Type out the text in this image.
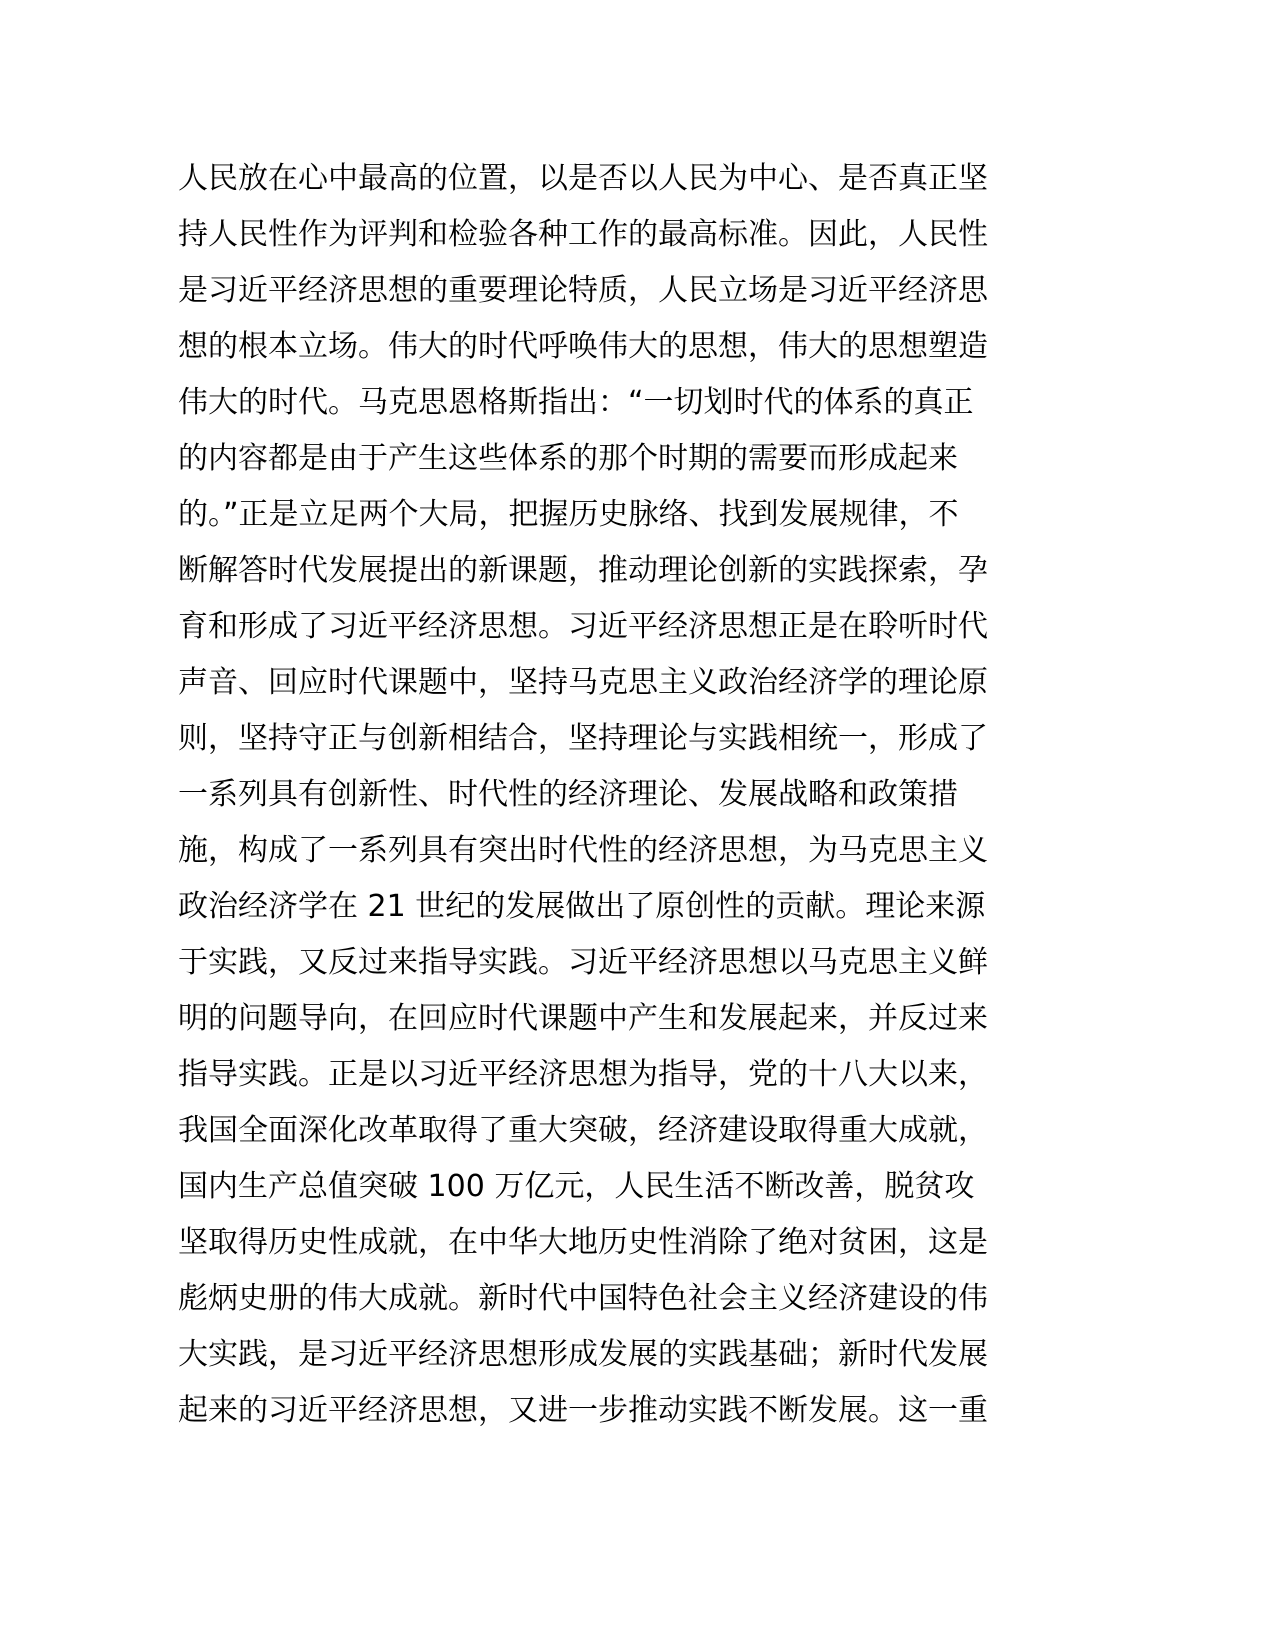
人民放在心中最高的位置，以是否以人民为中心、是否真正坚
持人民性作为评判和检验各种工作的最高标准。因此，人民性
是习近平经济思想的重要理论特质，人民立场是习近平经济思
想的根本立场。伟大的时代呼唤伟大的思想，伟大的思想塑造
伟大的时代。马克思恩格斯指出：“一切划时代的体系的真正
的内容都是由于产生这些体系的那个时期的需要而形成起来
的。”正是立足两个大局，把握历史脉络、找到发展规律，不
断解答时代发展提出的新课题，推动理论创新的实践探索，孕
育和形成了习近平经济思想。习近平经济思想正是在聆听时代
声音、回应时代课题中，坚持马克思主义政治经济学的理论原
则，坚持守正与创新相结合，坚持理论与实践相统一，形成了
一系列具有创新性、时代性的经济理论、发展战略和政策措
施，构成了一系列具有突出时代性的经济思想，为马克思主义
政治经济学在 21 世纪的发展做出了原创性的贡献。理论来源
于实践，又反过来指导实践。习近平经济思想以马克思主义鲜
明的问题导向，在回应时代课题中产生和发展起来，并反过来
指导实践。正是以习近平经济思想为指导，党的十八大以来，
我国全面深化改革取得了重大突破，经济建设取得重大成就，
国内生产总值突破 100 万亿元，人民生活不断改善，脱贫攻
坚取得历史性成就，在中华大地历史性消除了绝对贫困，这是
彪炳史册的伟大成就。新时代中国特色社会主义经济建设的伟
大实践，是习近平经济思想形成发展的实践基础；新时代发展
起来的习近平经济思想，又进一步推动实践不断发展。这一重
